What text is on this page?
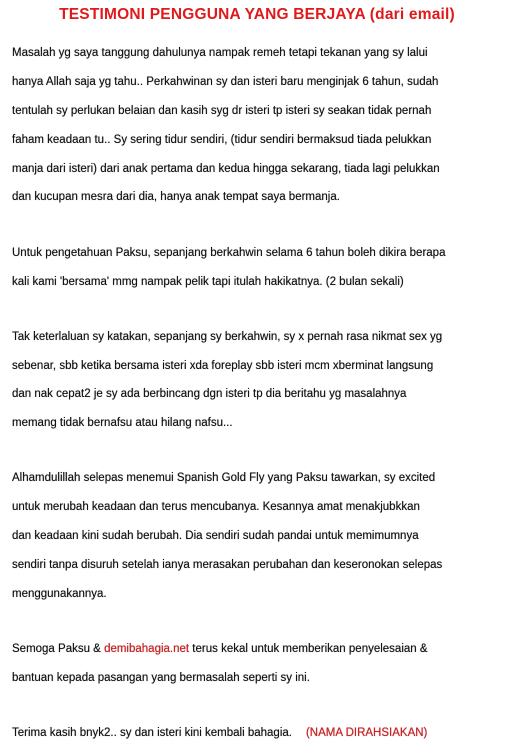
TESTIMONI PENGGUNA YANG BERJAYA (dari email)

Masalah yg saya tanggung dahulunya nampak remeh tetapi tekanan yang sy lalui

hanya Allah saja yg tahu.. Perkahwinan sy dan isteri baru menginjak 6 tahun, sudah

tentulah sy perlukan belaian dan kasih syg dr isteri tp isteri sy seakan tidak pernah

faham keadaan tu.. Sy sering tidur sendiri, (tidur sendiri bermaksud tiada pelukkan

manja dari isteri) dari anak pertama dan kedua hingga sekarang, tiada lagi pelukkan

dan kucupan mesra dari dia, hanya anak tempat saya bermanja.

Untuk pengetahuan Paksu, sepanjang berkahwin selama 6 tahun boleh dikira berapa

kali kami 'bersama' mmg nampak pelik tapi itulah hakikatnya. (2 bulan sekali)

Tak keterlaluan sy katakan, sepanjang sy berkahwin, sy x pernah rasa nikmat sex yg

sebenar, sbb ketika bersama isteri xda foreplay sbb isteri mcm xberminat langsung

dan nak cepat2 je sy ada berbincang dgn isteri tp dia beritahu yg masalahnya

memang tidak bernafsu atau hilang nafsu...

Alhamdulillah selepas menemui Spanish Gold Fly yang Paksu tawarkan, sy excited

untuk merubah keadaan dan terus mencubanya. Kesannya amat menakjubkkan

dan keadaan kini sudah berubah. Dia sendiri sudah pandai untuk memimumnya

sendiri tanpa disuruh setelah ianya merasakan perubahan dan keseronokan selepas

menggunakannya.

Semoga Paksu & demibahagia.net terus kekal untuk memberikan penyelesaian &

bantuan kepada pasangan yang bermasalah seperti sy ini.

Terima kasih bnyk2.. sy dan isteri kini kembali bahagia. (NAMA DIRAHSIAKAN)
